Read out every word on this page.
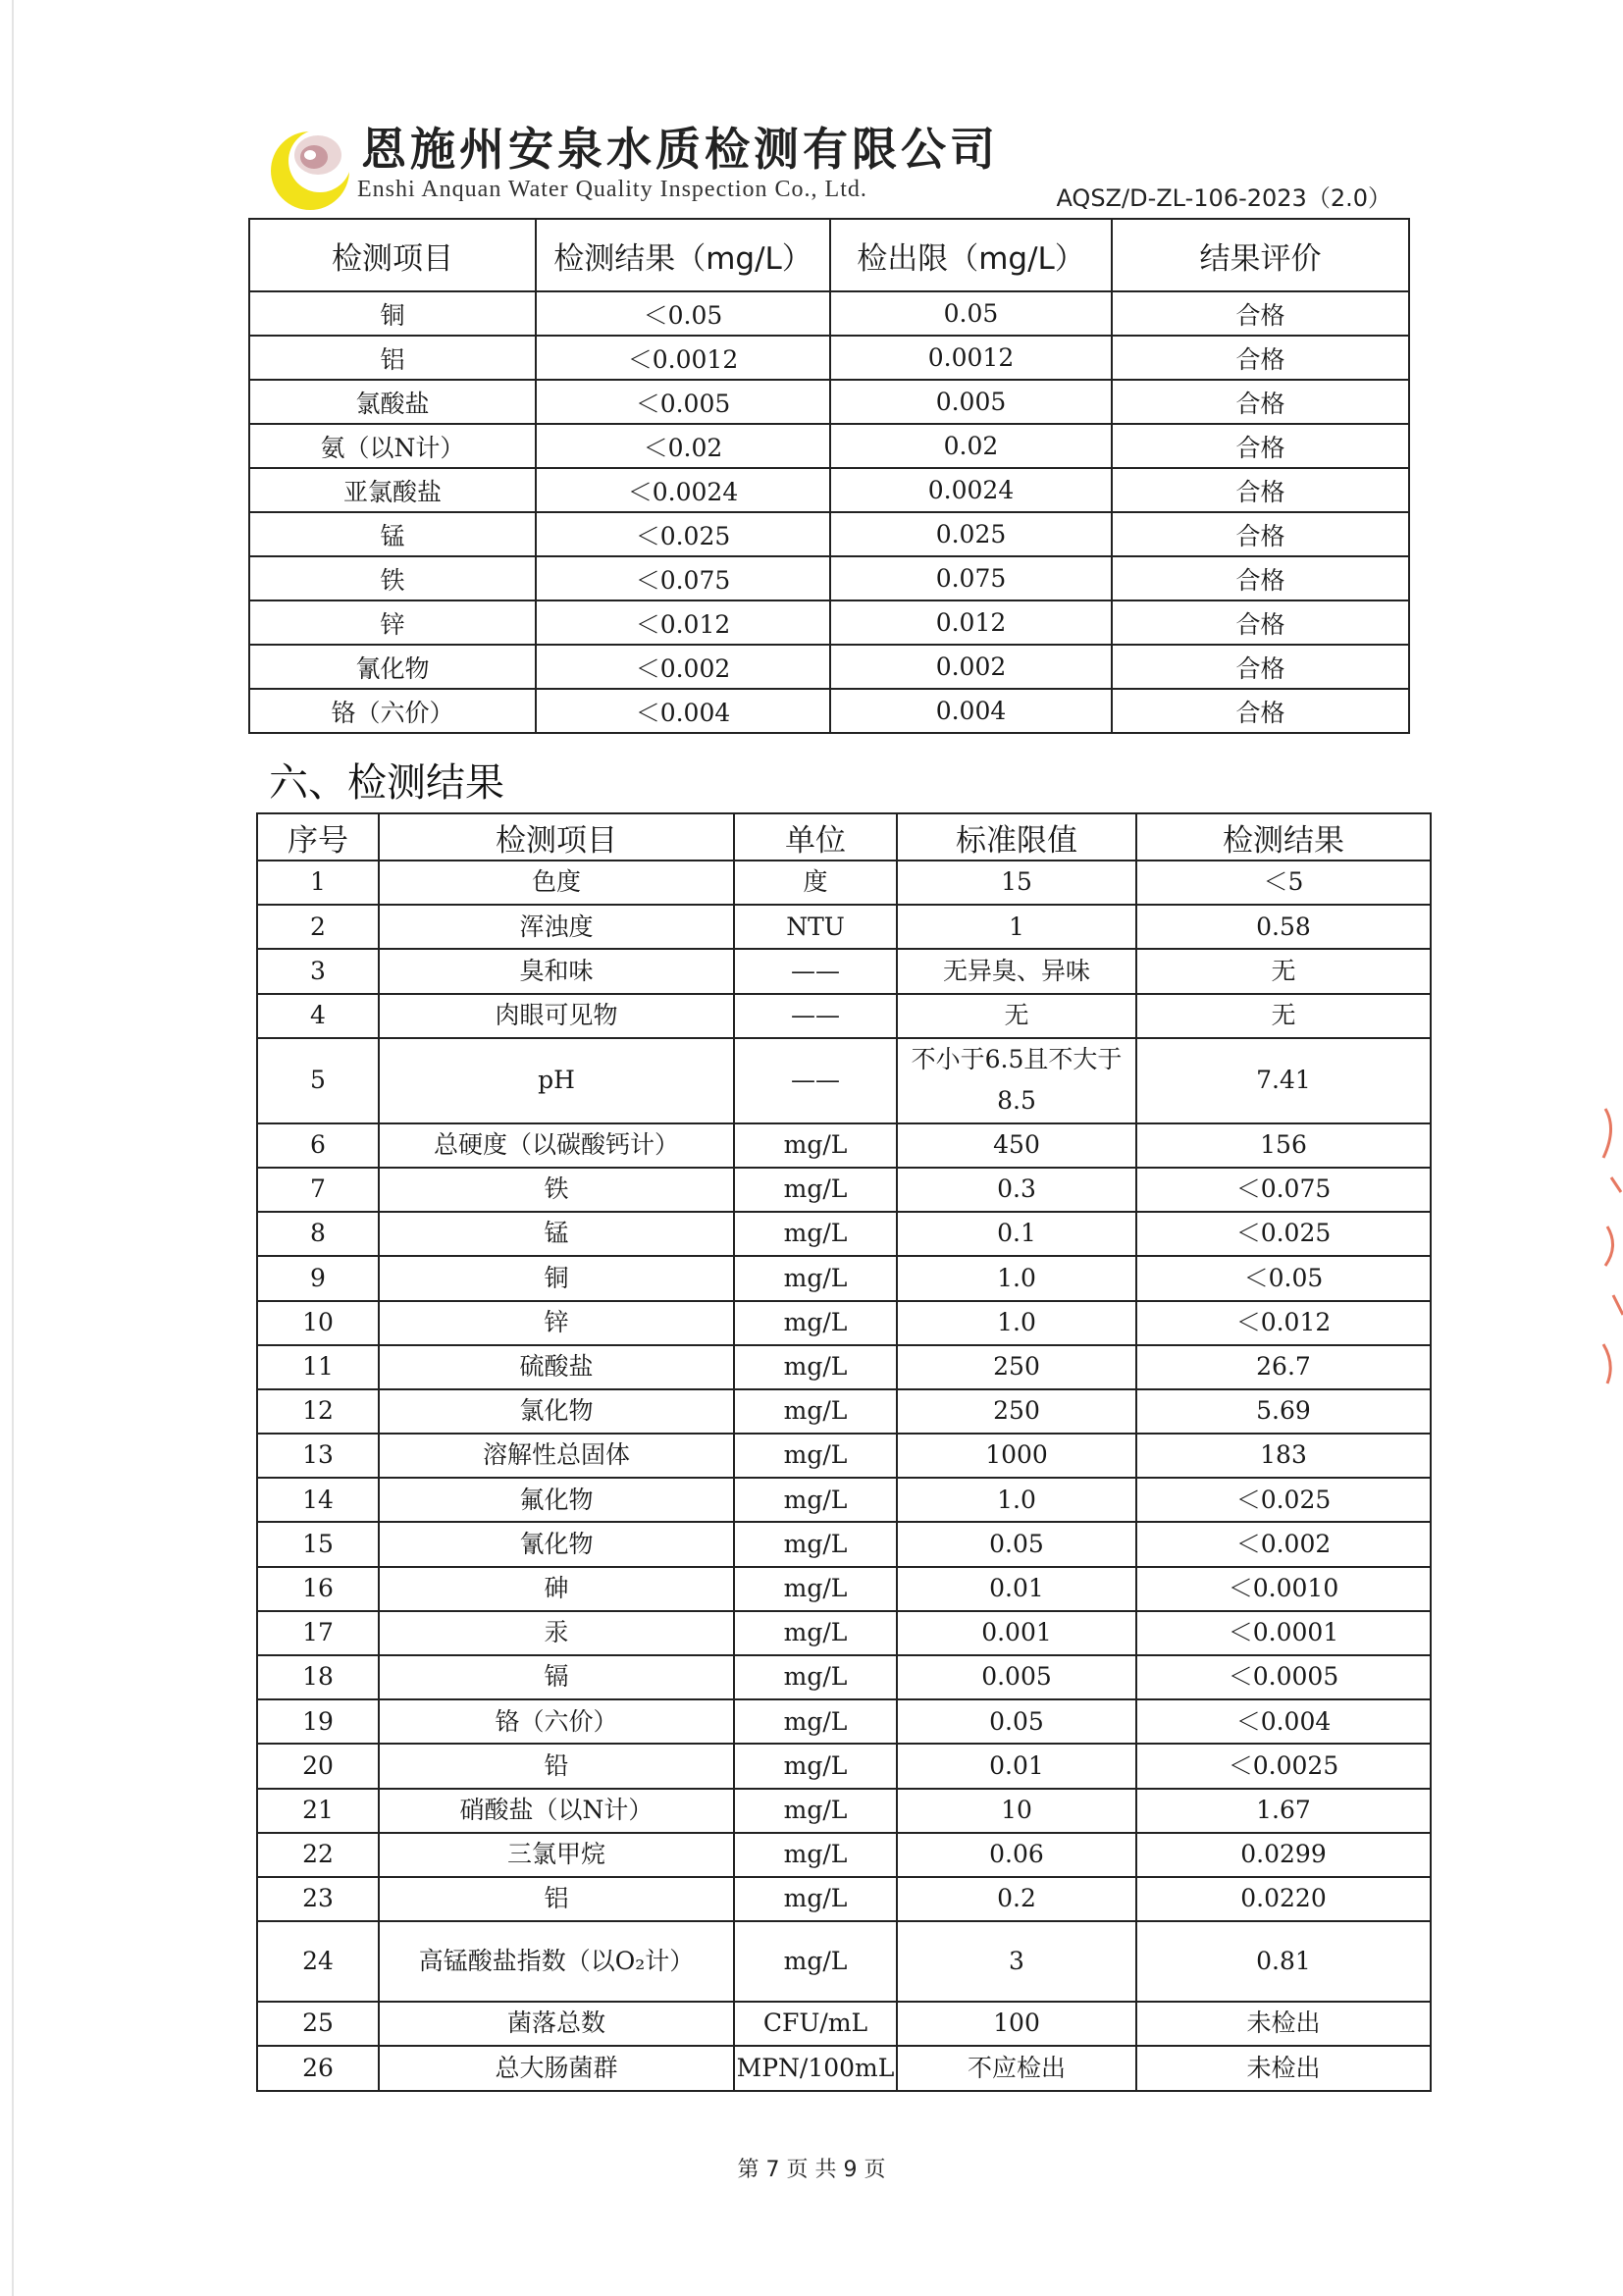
恩施州安泉水质检测有限公司
Enshi Anquan Water Quality Inspection Co., Ltd.	AQSZ/D-ZL-106-2023（2.0）
检测项目	检测结果（mg/L）	检出限（mg/L）	结果评价
铜	＜0.05	0.05	合格
铝	＜0.0012	0.0012	合格
氯酸盐	＜0.005	0.005	合格
氨（以N计）	＜0.02	0.02	合格
亚氯酸盐	＜0.0024	0.0024	合格
锰	＜0.025	0.025	合格
铁	＜0.075	0.075	合格
锌	＜0.012	0.012	合格
氰化物	＜0.002	0.002	合格
铬（六价）	＜0.004	0.004	合格
六、检测结果
序号	检测项目	单位	标准限值	检测结果
1	色度	度	15	＜5
2	浑浊度	NTU	1	0.58
3	臭和味	——	无异臭、异味	无
4	肉眼可见物	——	无	无
5	pH	——	不小于6.5且不大于8.5	7.41
6	总硬度（以碳酸钙计）	mg/L	450	156
7	铁	mg/L	0.3	＜0.075
8	锰	mg/L	0.1	＜0.025
9	铜	mg/L	1.0	＜0.05
10	锌	mg/L	1.0	＜0.012
11	硫酸盐	mg/L	250	26.7
12	氯化物	mg/L	250	5.69
13	溶解性总固体	mg/L	1000	183
14	氟化物	mg/L	1.0	＜0.025
15	氰化物	mg/L	0.05	＜0.002
16	砷	mg/L	0.01	＜0.0010
17	汞	mg/L	0.001	＜0.0001
18	镉	mg/L	0.005	＜0.0005
19	铬（六价）	mg/L	0.05	＜0.004
20	铅	mg/L	0.01	＜0.0025
21	硝酸盐（以N计）	mg/L	10	1.67
22	三氯甲烷	mg/L	0.06	0.0299
23	铝	mg/L	0.2	0.0220
24	高锰酸盐指数（以O₂计）	mg/L	3	0.81
25	菌落总数	CFU/mL	100	未检出
26	总大肠菌群	MPN/100mL	不应检出	未检出
第 7 页 共 9 页
